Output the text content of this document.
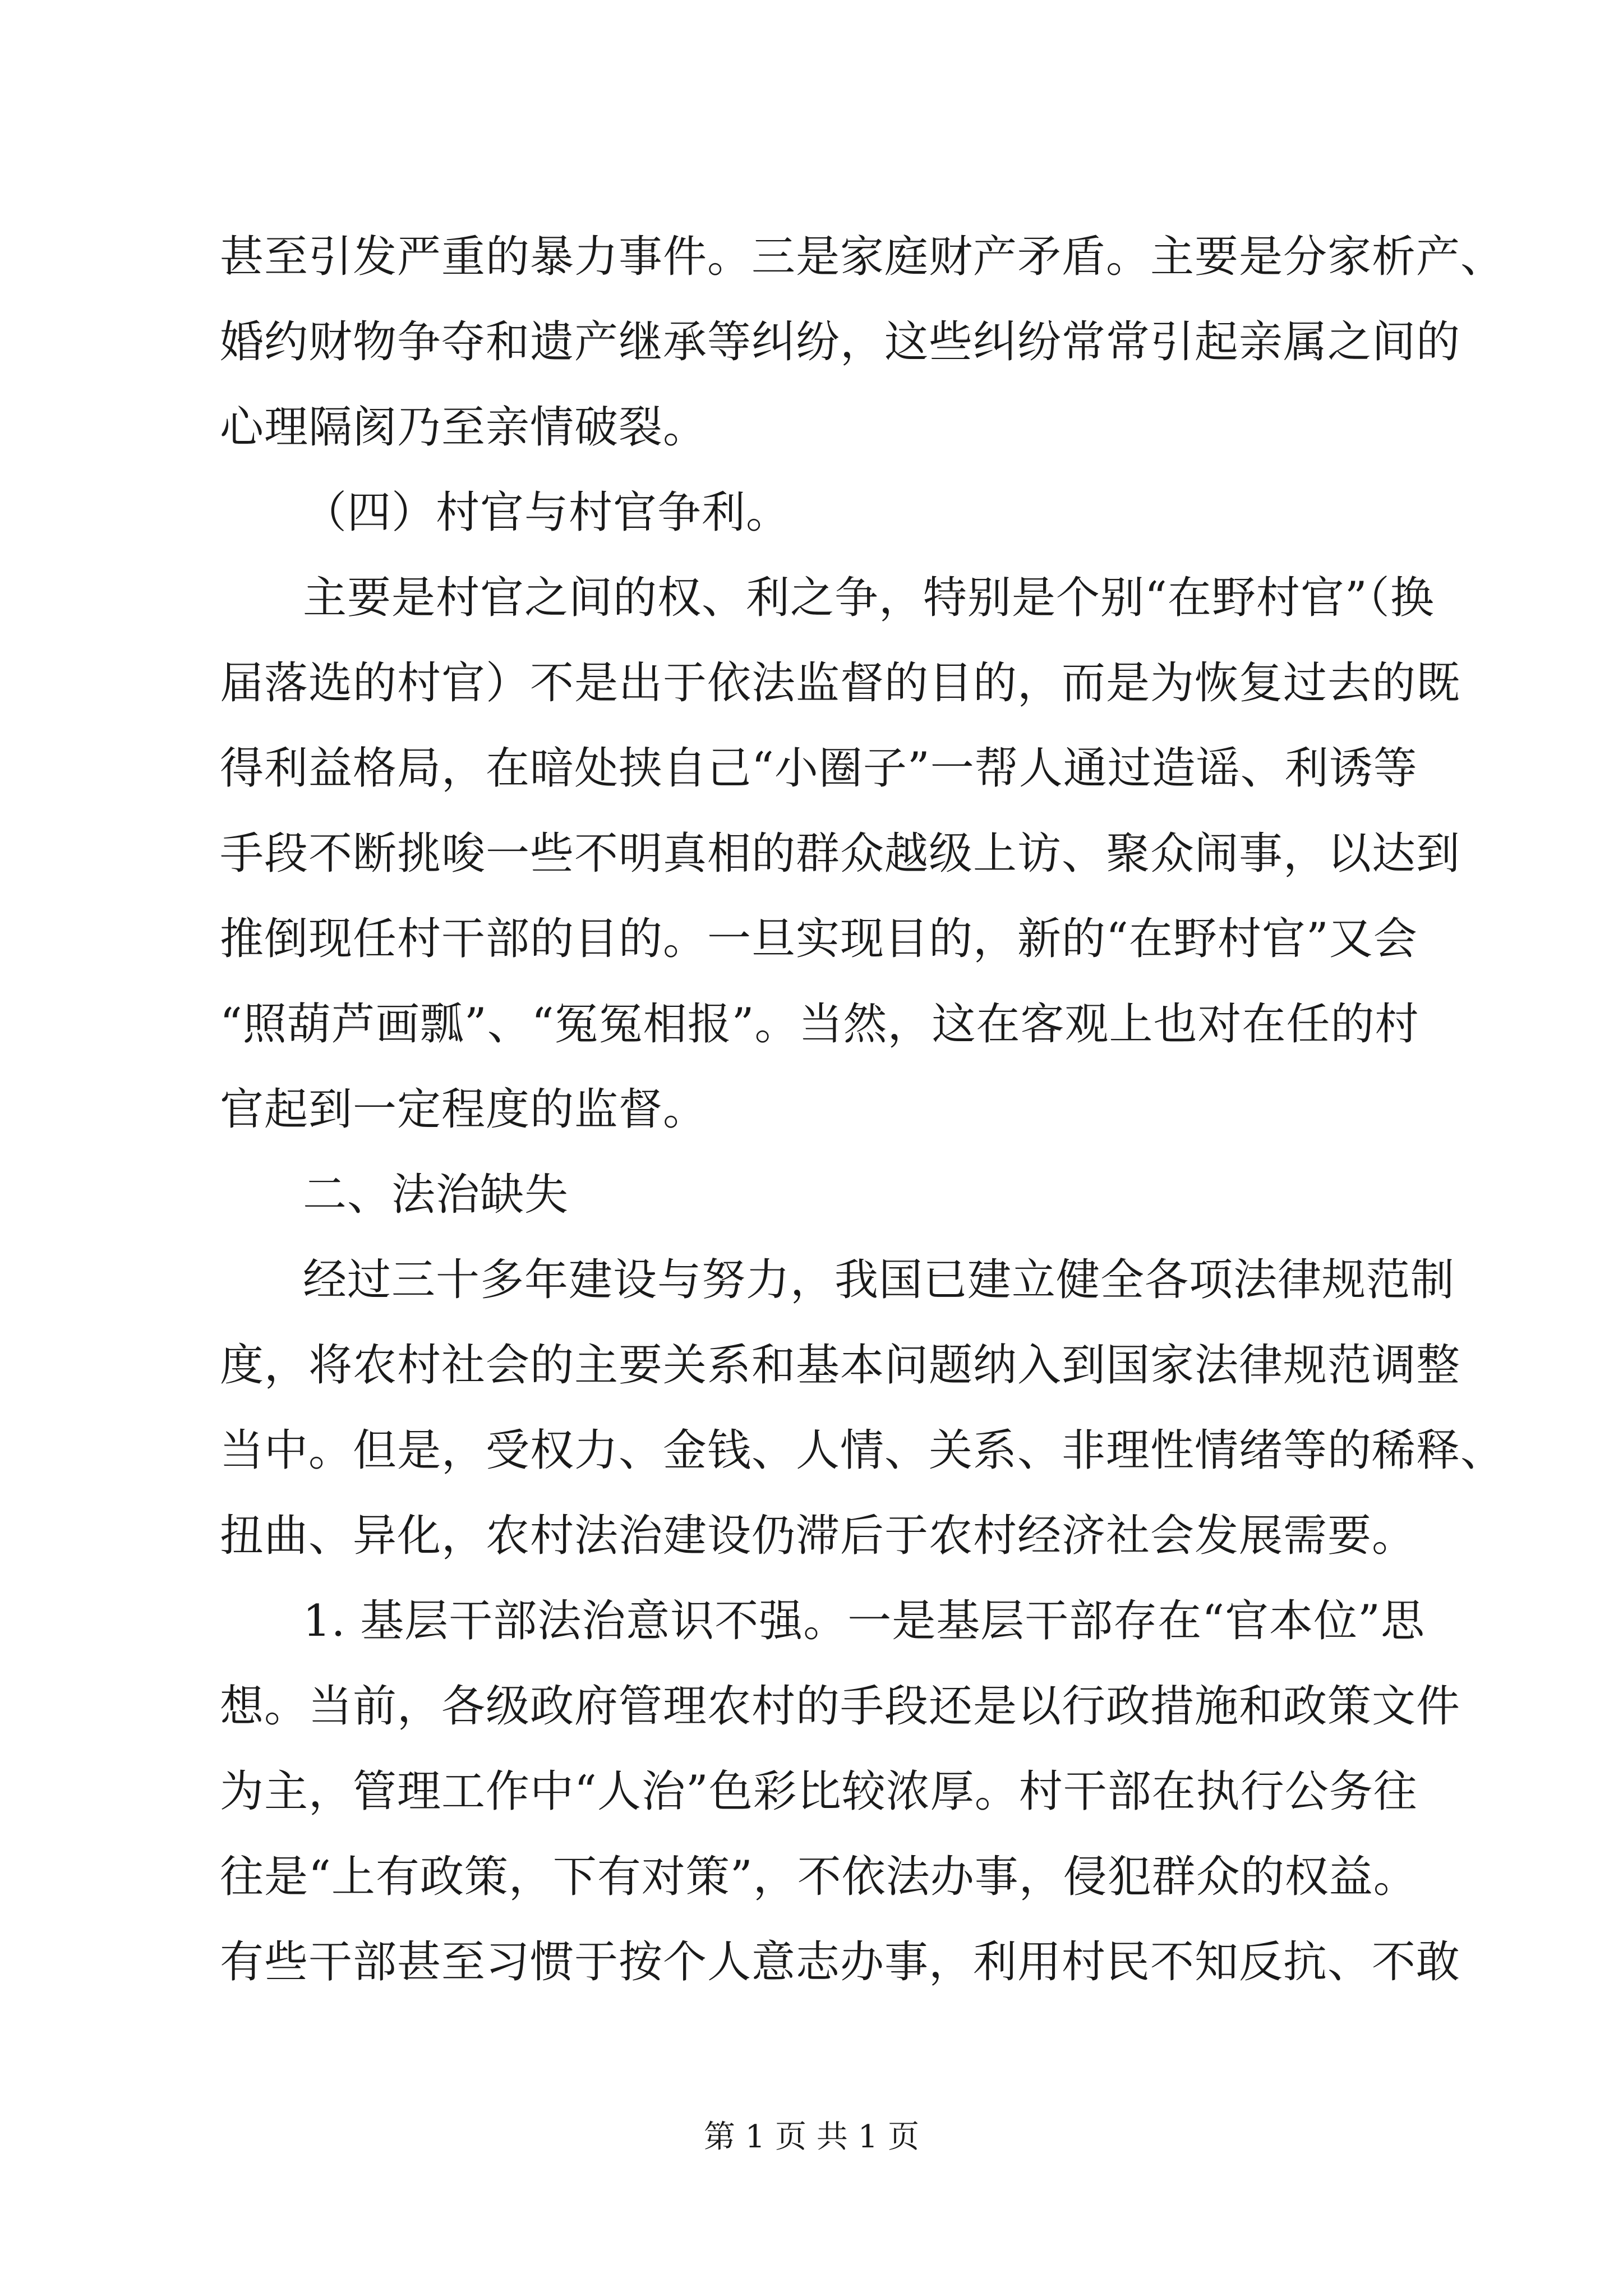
甚至引发严重的暴力事件。三是家庭财产矛盾。主要是分家析产、
婚约财物争夺和遗产继承等纠纷，这些纠纷常常引起亲属之间的
心理隔阂乃至亲情破裂。
（四）村官与村官争利。
主要是村官之间的权、利之争，特别是个别“在野村官”（换
届落选的村官）不是出于依法监督的目的，而是为恢复过去的既
得利益格局，在暗处挟自己“小圈子”一帮人通过造谣、利诱等
手段不断挑唆一些不明真相的群众越级上访、聚众闹事，以达到
推倒现任村干部的目的。一旦实现目的，新的“在野村官”又会
“照葫芦画瓢”、“冤冤相报”。当然，这在客观上也对在任的村
官起到一定程度的监督。
二、法治缺失
经过三十多年建设与努力，我国已建立健全各项法律规范制
度，将农村社会的主要关系和基本问题纳入到国家法律规范调整
当中。但是，受权力、金钱、人情、关系、非理性情绪等的稀释、
扭曲、异化，农村法治建设仍滞后于农村经济社会发展需要。
1. 基层干部法治意识不强。一是基层干部存在“官本位”思
想。当前，各级政府管理农村的手段还是以行政措施和政策文件
为主，管理工作中“人治”色彩比较浓厚。村干部在执行公务往
往是“上有政策，下有对策”，不依法办事，侵犯群众的权益。
有些干部甚至习惯于按个人意志办事，利用村民不知反抗、不敢
第 1 页 共 1 页
